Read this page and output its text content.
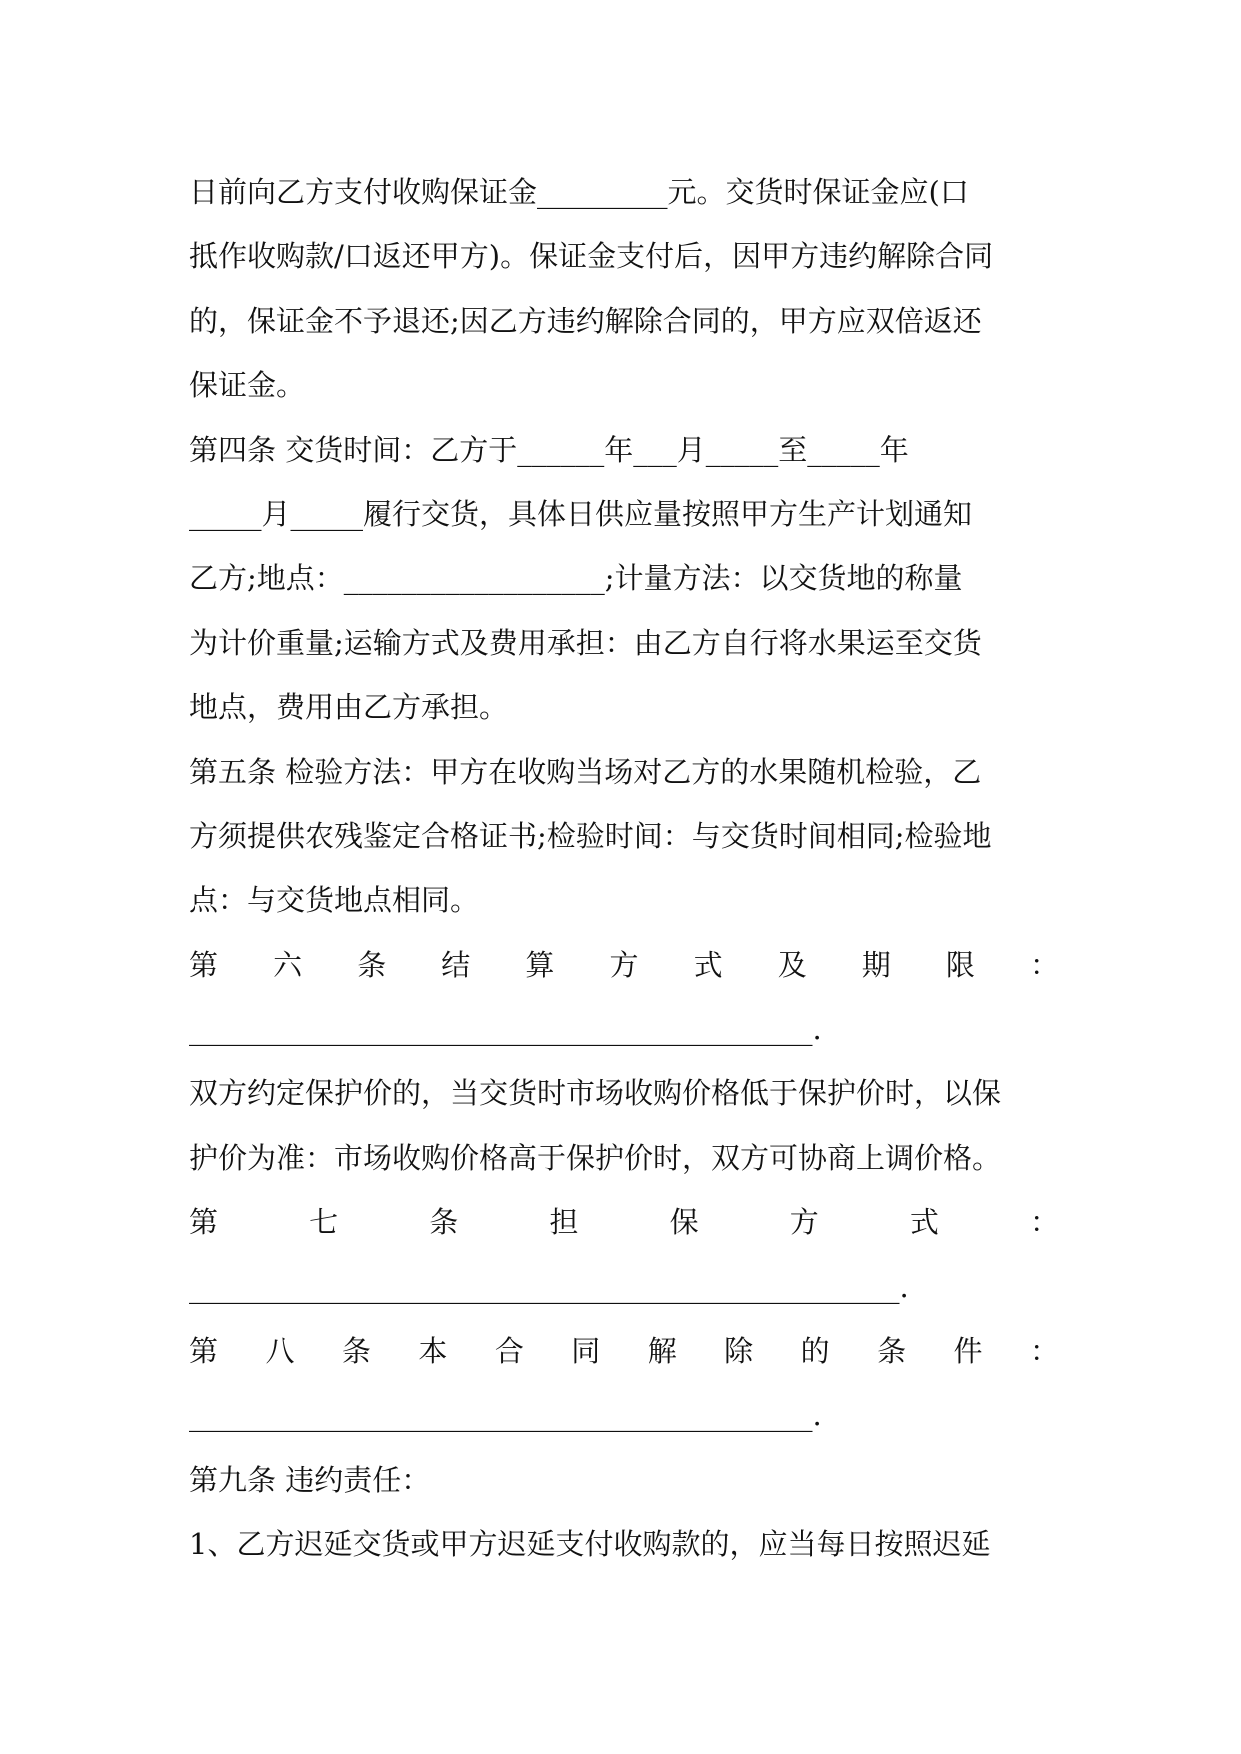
日前向乙方支付收购保证金_________元。交货时保证金应(口
抵作收购款/口返还甲方)。保证金支付后，因甲方违约解除合同
的，保证金不予退还;因乙方违约解除合同的，甲方应双倍返还
保证金。
第四条 交货时间：乙方于______年___月_____至_____年
_____月_____履行交货，具体日供应量按照甲方生产计划通知
乙方;地点：__________________;计量方法：以交货地的称量
为计价重量;运输方式及费用承担：由乙方自行将水果运至交货
地点，费用由乙方承担。
第五条 检验方法：甲方在收购当场对乙方的水果随机检验，乙
方须提供农残鉴定合格证书;检验时间：与交货时间相同;检验地
点：与交货地点相同。
第 六 条 结 算 方 式 及 期 限 ：
___________________________________________.
双方约定保护价的，当交货时市场收购价格低于保护价时，以保
护价为准：市场收购价格高于保护价时，双方可协商上调价格。
第 七 条 担 保 方 式 ：
_________________________________________________.
第 八 条 本 合 同 解 除 的 条 件 ：
___________________________________________.
第九条 违约责任：
1、乙方迟延交货或甲方迟延支付收购款的，应当每日按照迟延
